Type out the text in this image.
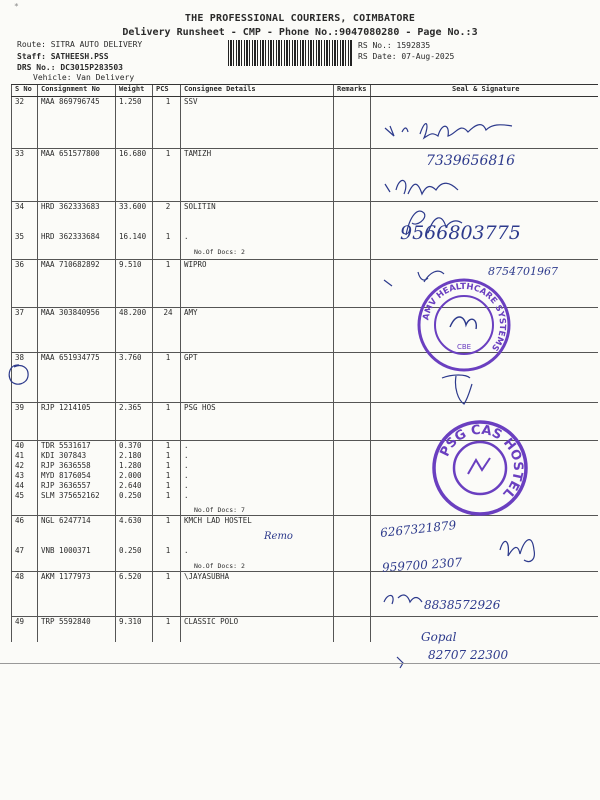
*
THE PROFESSIONAL COURIERS, COIMBATORE
Delivery Runsheet - CMP - Phone No.:9047080280 - Page No.:3
Route: SITRA AUTO DELIVERY
Staff: SATHEESH.PSS
DRS No.: DC3015P283503
Vehicle: Van Delivery
RS No.: 1592835
RS Date: 07-Aug-2025
S No	Consignment No	Weight	PCS	Consignee Details	Remarks	Seal & Signature
32	MAA 869796745	1.250	1	SSV		
33	MAA 651577800	16.680	1	TAMIZH		
34	HRD 362333683	33.600	2	SOLITIN		
35	HRD 362333684	16.140	1	.
No.Of Docs: 2		

36	MAA 710682892	9.510	1	WIPRO		
37	MAA 303840956	48.200	24	AMY		
38	MAA 651934775	3.760	1	GPT		
39	RJP 1214105	2.365	1	PSG HOS		
40	TDR 5531617	0.370	1	.		
41	KDI 307843	2.180	1	.		
42	RJP 3636558	1.280	1	.		
43	MYD 8176054	2.000	1	.		
44	RJP 3636557	2.640	1	.		
45	SLM 375652162	0.250	1	.
No.Of Docs: 7		

46	NGL 6247714	4.630	1	KMCH LAD HOSTEL		
47	VNB 1000371	0.250	1	.
No.Of Docs: 2		

48	AKM 1177973	6.520	1	\JAYASUBHA		
49	TRP 5592840	9.310	1	CLASSIC POLO		
7339656816
9566803775
8754701967
6267321879
Remo
959700 2307
8838572926
Gopal
82707 22300
AMV HEALTHCARE SYSTEMS
CBE
PSG CAS HOSTEL
